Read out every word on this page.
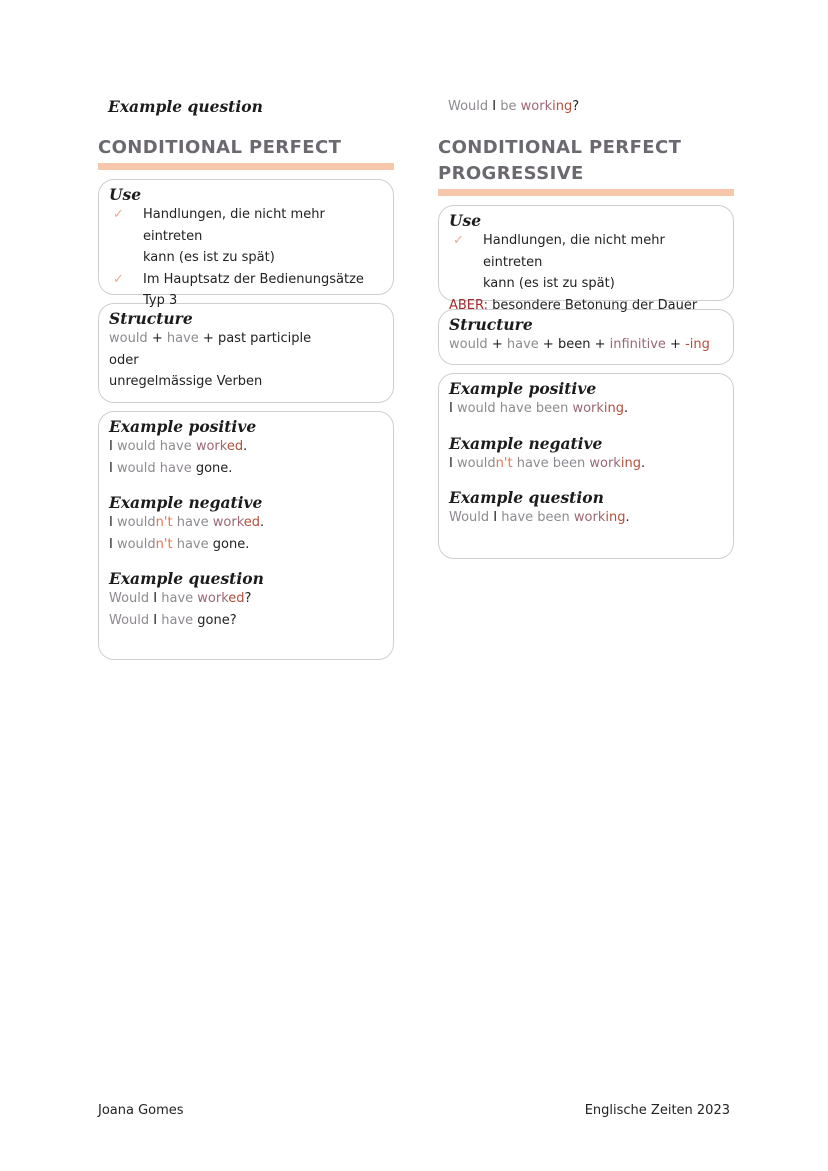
Example question
CONDITIONAL PERFECT
Use
✓	Handlungen, die nicht mehr eintreten
kann (es ist zu spät)
✓	Im Hauptsatz der Bedienungsätze
Typ 3
Structure
would + have + past participle
oder
unregelmässige Verben
Example positive
I would have worked.
I would have gone.
Example negative
I wouldn't have worked.
I wouldn't have gone.
Example question
Would I have worked?
Would I have gone?
Would I be working?
CONDITIONAL PERFECT
PROGRESSIVE
Use
✓	Handlungen, die nicht mehr eintreten
kann (es ist zu spät)
ABER: besondere Betonung der Dauer
Structure
would + have + been + infinitive + -ing
Example positive
I would have been working.
Example negative
I wouldn't have been working.
Example question
Would I have been working.
Joana Gomes	Englische Zeiten 2023
